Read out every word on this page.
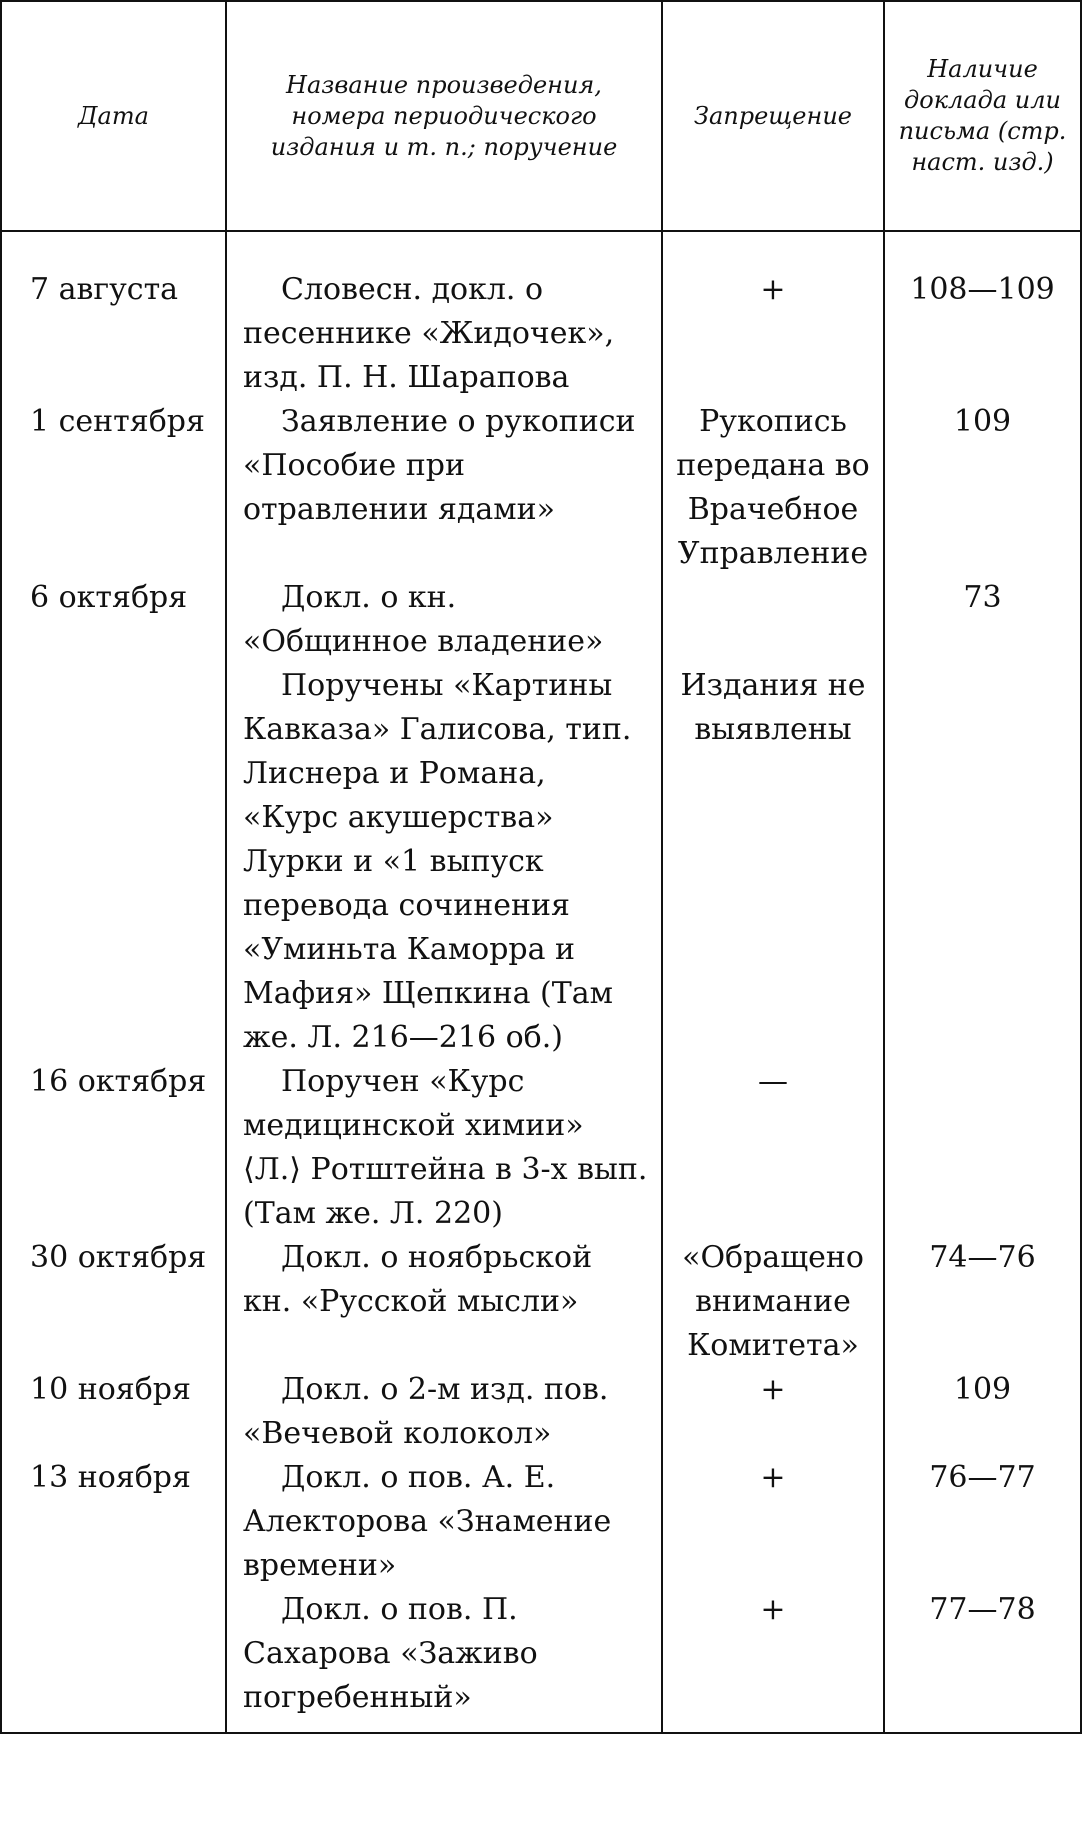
Дата	Название произведения, номера периодического издания и т. п.; поручение	Запрещение	Наличие доклада или письма (стр. наст. изд.)
7 августа	Словесн. докл. о песеннике «Жидочек», изд. П. Н. Шарапова	+	108—109
1 сентября	Заявление о рукописи «Пособие при отравлении ядами»	Рукопись передана во Врачебное Управление	109
6 октября	Докл. о кн. «Общинное владение»		73

	Поручены «Картины Кавказа» Галисова, тип. Лиснера и Романа, «Курс акушерства» Лурки и «1 выпуск перевода сочинения «Уминьта Каморра и Мафия» Щепкина (Там же. Л. 216—216 об.)	Издания не выявлены	
16 октября	Поручен «Курс медицинской химии» ⟨Л.⟩ Ротштейна в 3-х вып. (Там же. Л. 220)	—	
30 октября	Докл. о ноябрьской кн. «Русской мысли»	«Обращено внимание Комитета»	74—76
10 ноября	Докл. о 2-м изд. пов. «Вечевой колокол»	+	109
13 ноября	Докл. о пов. А. Е. Алекторова «Знамение времени»	+	76—77

	Докл. о пов. П. Сахарова «Заживо погребенный»	+	77—78
